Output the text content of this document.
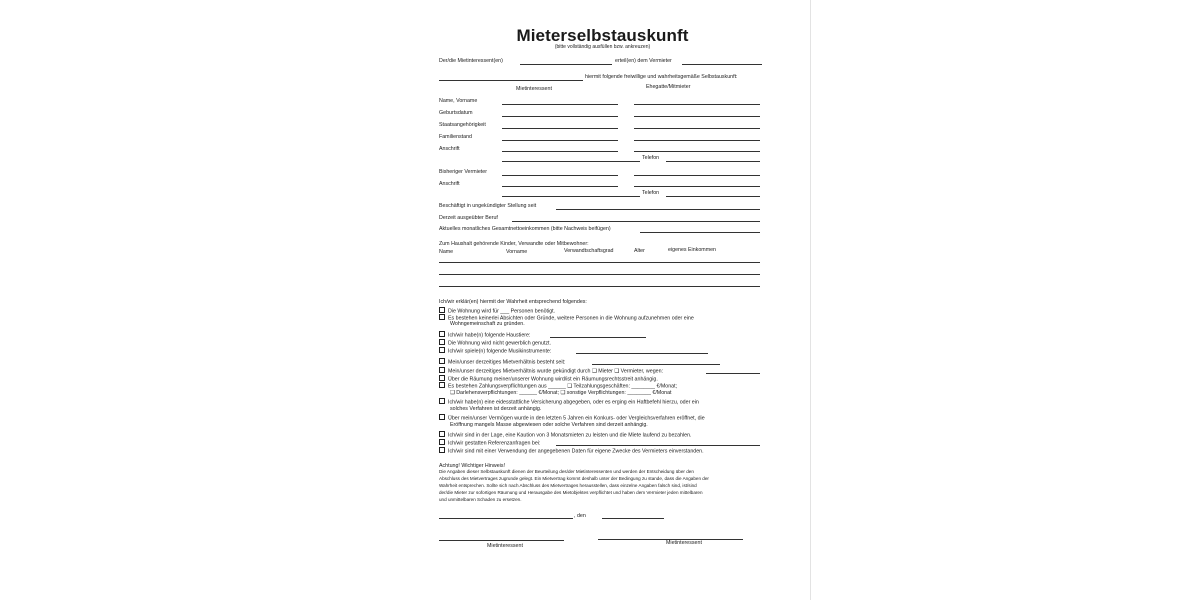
Mieterselbstauskunft
(bitte vollständig ausfüllen bzw. ankreuzen)
Der/die Mietinteressent(en)	erteil(en) dem Vermieter
hiermit folgende freiwillige und wahrheitsgemäße Selbstauskunft:
Mietinteressent	Ehegatte/Mitmieter
Name, Vorname
Geburtsdatum
Staatsangehörigkeit
Familienstand
Anschrift
Telefon
Bisheriger Vermieter
Anschrift
Telefon
Beschäftigt in ungekündigter Stellung seit
Derzeit ausgeübter Beruf
Aktuelles monatliches Gesamtnettoeinkommen (bitte Nachweis beifügen)
Zum Haushalt gehörende Kinder, Verwandte oder Mitbewohner:
Name	Vorname	Verwandtschaftsgrad	Alter	eigenes Einkommen
Ich/wir erklär(en) hiermit der Wahrheit entsprechend folgendes:
Die Wohnung wird für ___ Personen benötigt.
Es bestehen keinerlei Absichten oder Gründe, weitere Personen in die Wohnung aufzunehmen oder eine
Wohngemeinschaft zu gründen.
Ich/wir habe(n) folgende Haustiere:
Die Wohnung wird nicht gewerblich genutzt.
Ich/wir spiele(n) folgende Musikinstrumente:
Mein/unser derzeitiges Mietverhältnis besteht seit:
Mein/unser derzeitiges Mietverhältnis wurde gekündigt durch ❑ Mieter ❑ Vermieter, wegen:
Über die Räumung meiner/unserer Wohnung wird/ist ein Räumungsrechtsstreit anhängig.
Es bestehen Zahlungsverpflichtungen aus ______ ❑ Teilzahlungsgeschäften: ________ €/Monat;
❑ Darlehensverpflichtungen: ______ €/Monat; ❑ sonstige Verpflichtungen: ________ €/Monat
Ich/wir habe(n) eine eidesstattliche Versicherung abgegeben, oder es erging ein Haftbefehl hierzu, oder ein
solches Verfahren ist derzeit anhängig.
Über mein/unser Vermögen wurde in den letzten 5 Jahren ein Konkurs- oder Vergleichsverfahren eröffnet, die
Eröffnung mangels Masse abgewiesen oder solche Verfahren sind derzeit anhängig.
Ich/wir sind in der Lage, eine Kaution von 3 Monatsmieten zu leisten und die Miete laufend zu bezahlen.
Ich/wir gestatten Referenzanfragen bei:
Ich/wir sind mit einer Verwendung der angegebenen Daten für eigene Zwecke des Vermieters einverstanden.
Achtung! Wichtiger Hinweis!
Die Angaben dieser Selbstauskunft dienen der Beurteilung des/der Mietinteressenten und werden der Entscheidung über den
Abschluss des Mietvertrages zugrunde gelegt. Ein Mietvertrag kommt deshalb unter der Bedingung zu stande, dass die Angaben der
Wahrheit entsprechen. Sollte sich nach Abschluss des Mietvertrages herausstellen, dass einzelne Angaben falsch sind, ist/sind
der/die Mieter zur sofortigen Räumung und Herausgabe des Mietobjektes verpflichtet und haben dem Vermieter jeden mittelbaren
und unmittelbaren Schaden zu ersetzen.
, den
Mietinteressent	Mietinteressent
